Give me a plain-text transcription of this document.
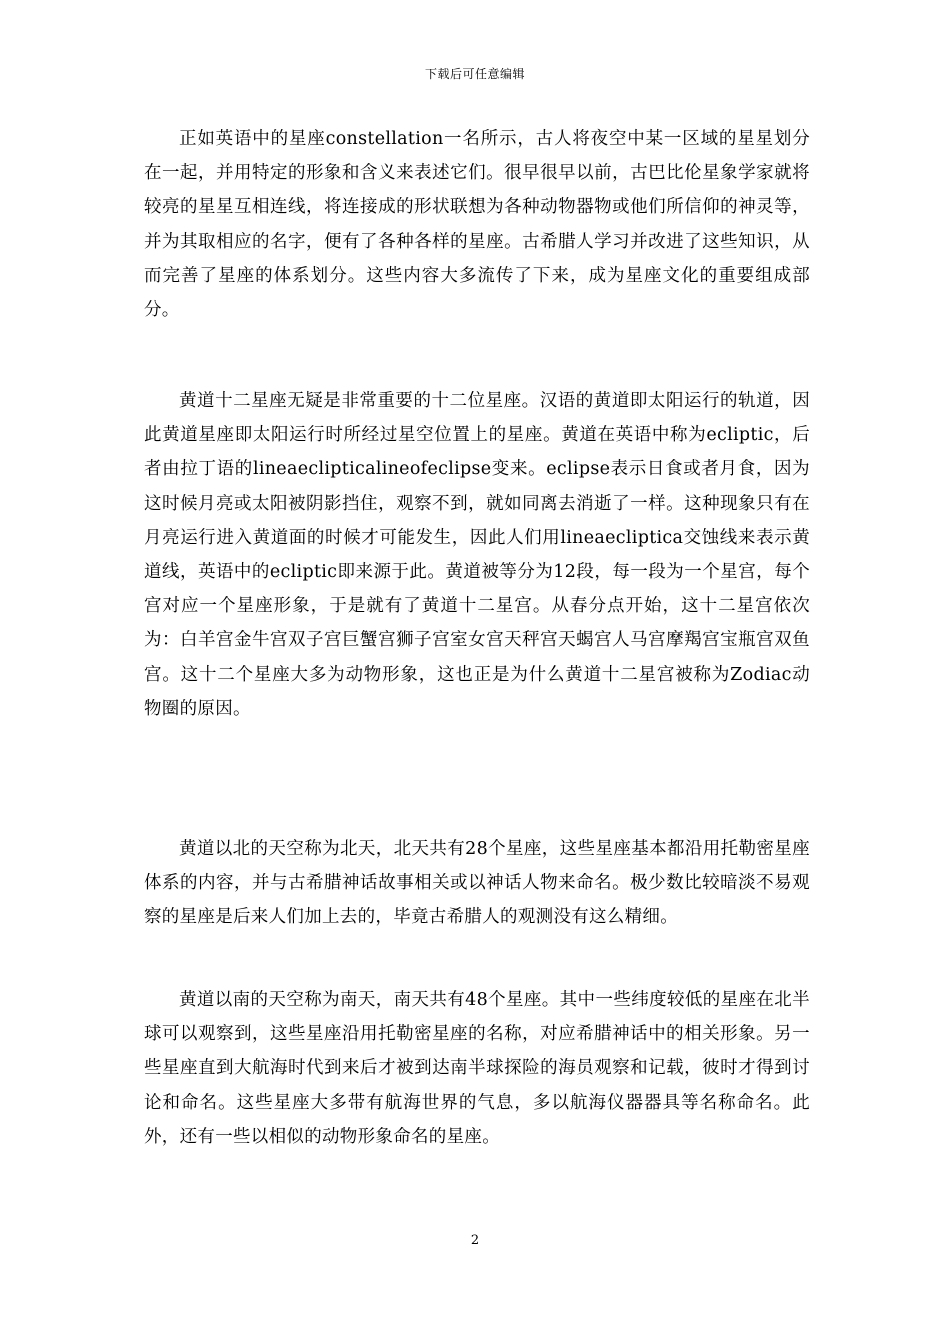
下载后可任意编辑

正如英语中的星座constellation一名所示，古人将夜空中某一区域的星星划分在一起，并用特定的形象和含义来表述它们。很早很早以前，古巴比伦星象学家就将较亮的星星互相连线，将连接成的形状联想为各种动物器物或他们所信仰的神灵等，并为其取相应的名字，便有了各种各样的星座。古希腊人学习并改进了这些知识，从而完善了星座的体系划分。这些内容大多流传了下来，成为星座文化的重要组成部分。

黄道十二星座无疑是非常重要的十二位星座。汉语的黄道即太阳运行的轨道，因此黄道星座即太阳运行时所经过星空位置上的星座。黄道在英语中称为ecliptic，后者由拉丁语的lineaeclipticalineofeclipse变来。eclipse表示日食或者月食，因为这时候月亮或太阳被阴影挡住，观察不到，就如同离去消逝了一样。这种现象只有在月亮运行进入黄道面的时候才可能发生，因此人们用lineaecliptica交蚀线来表示黄道线，英语中的ecliptic即来源于此。黄道被等分为12段，每一段为一个星宫，每个宫对应一个星座形象，于是就有了黄道十二星宫。从春分点开始，这十二星宫依次为：白羊宫金牛宫双子宫巨蟹宫狮子宫室女宫天秤宫天蝎宫人马宫摩羯宫宝瓶宫双鱼宫。这十二个星座大多为动物形象，这也正是为什么黄道十二星宫被称为Zodiac动物圈的原因。

黄道以北的天空称为北天，北天共有28个星座，这些星座基本都沿用托勒密星座体系的内容，并与古希腊神话故事相关或以神话人物来命名。极少数比较暗淡不易观察的星座是后来人们加上去的，毕竟古希腊人的观测没有这么精细。

黄道以南的天空称为南天，南天共有48个星座。其中一些纬度较低的星座在北半球可以观察到，这些星座沿用托勒密星座的名称，对应希腊神话中的相关形象。另一些星座直到大航海时代到来后才被到达南半球探险的海员观察和记载，彼时才得到讨论和命名。这些星座大多带有航海世界的气息，多以航海仪器器具等名称命名。此外，还有一些以相似的动物形象命名的星座。

2
